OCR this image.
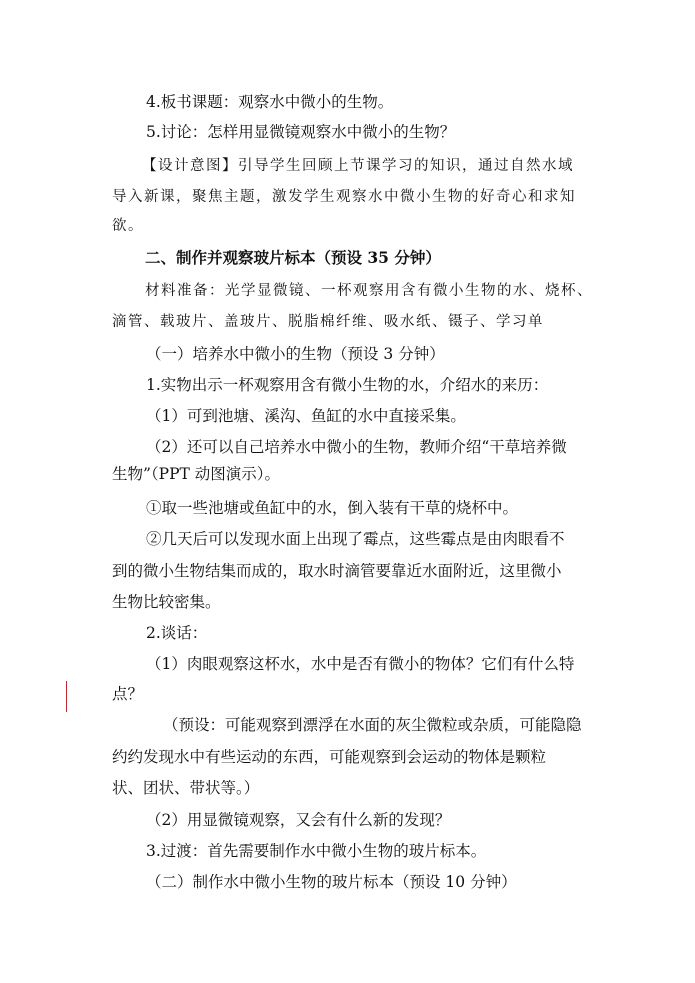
4.板书课题：观察水中微小的生物。
5.讨论：怎样用显微镜观察水中微小的生物？
【设计意图】引导学生回顾上节课学习的知识，通过自然水域
导入新课，聚焦主题，激发学生观察水中微小生物的好奇心和求知
欲。
二、制作并观察玻片标本（预设 35 分钟）
材料准备：光学显微镜、一杯观察用含有微小生物的水、烧杯、
滴管、载玻片、盖玻片、脱脂棉纤维、吸水纸、镊子、学习单
（一）培养水中微小的生物（预设 3 分钟）
1.实物出示一杯观察用含有微小生物的水，介绍水的来历：
（1）可到池塘、溪沟、鱼缸的水中直接采集。
（2）还可以自己培养水中微小的生物，教师介绍“干草培养微
生物”（PPT 动图演示）。
①取一些池塘或鱼缸中的水，倒入装有干草的烧杯中。
②几天后可以发现水面上出现了霉点，这些霉点是由肉眼看不
到的微小生物结集而成的，取水时滴管要靠近水面附近，这里微小
生物比较密集。
2.谈话：
（1）肉眼观察这杯水，水中是否有微小的物体？它们有什么特
点？
（预设：可能观察到漂浮在水面的灰尘微粒或杂质，可能隐隐
约约发现水中有些运动的东西，可能观察到会运动的物体是颗粒
状、团状、带状等。）
（2）用显微镜观察，又会有什么新的发现？
3.过渡：首先需要制作水中微小生物的玻片标本。
（二）制作水中微小生物的玻片标本（预设 10 分钟）
